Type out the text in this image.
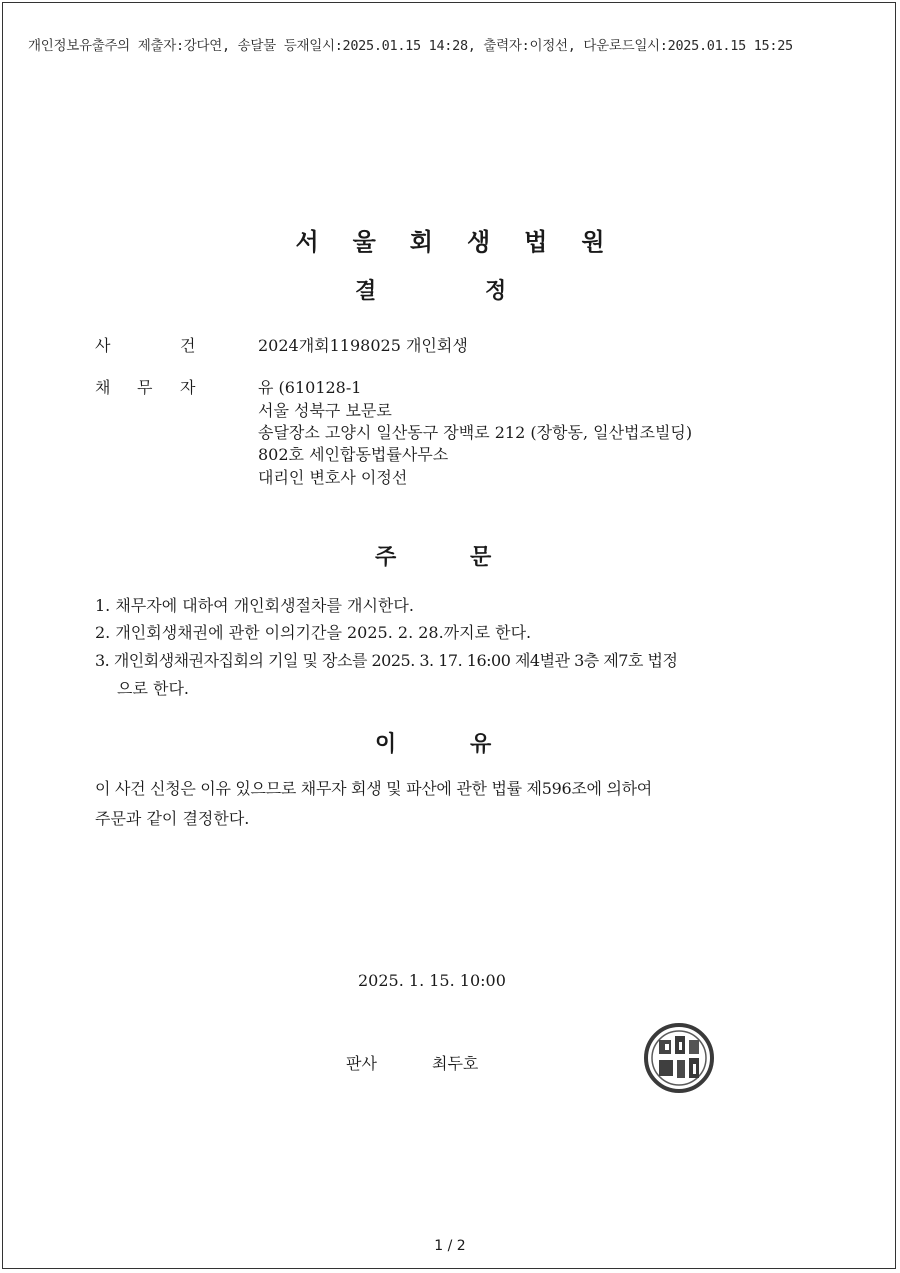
개인정보유출주의 제출자:강다연, 송달물 등재일시:2025.01.15 14:28, 출력자:이정선, 다운로드일시:2025.01.15 15:25
서울회생법원
결	정
사	건	2024개회1198025 개인회생
채 무 자	유 (610128-1
서울 성북구 보문로
송달장소 고양시 일산동구 장백로 212 (장항동, 일산법조빌딩)
802호 세인합동법률사무소
대리인 변호사 이정선
주	문
1. 채무자에 대하여 개인회생절차를 개시한다.
2. 개인회생채권에 관한 이의기간을 2025. 2. 28.까지로 한다.
3. 개인회생채권자집회의 기일 및 장소를 2025. 3. 17. 16:00 제4별관 3층 제7호 법정
으로 한다.
이	유
이 사건 신청은 이유 있으므로 채무자 회생 및 파산에 관한 법률 제596조에 의하여
주문과 같이 결정한다.
2025. 1. 15. 10:00
판사	최두호
1 / 2
